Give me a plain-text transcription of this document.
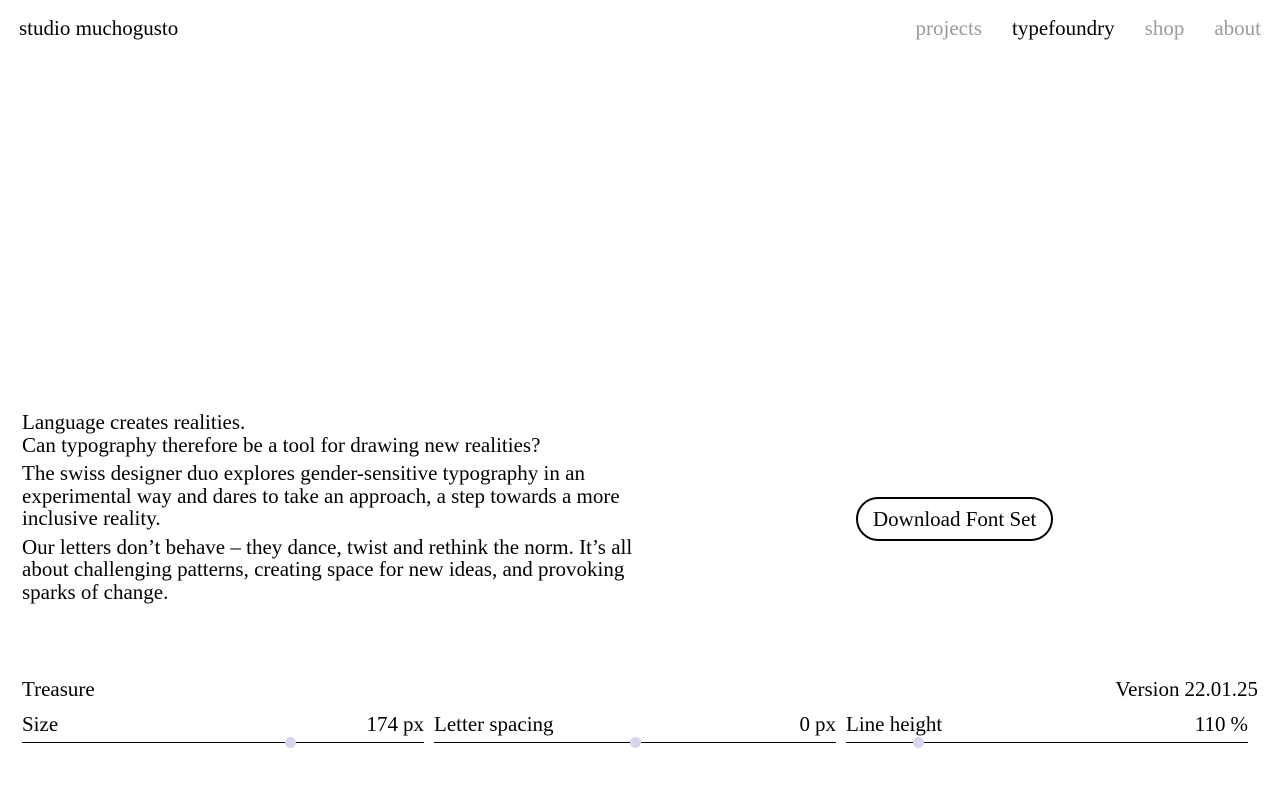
studio muchogusto	projects typefoundry shop about

Language creates realities.
Can typography therefore be a tool for drawing new realities?

The swiss designer duo explores gender-sensitive typography in an experimental way and dares to take an approach, a step towards a more inclusive reality.

Our letters don’t behave – they dance, twist and rethink the norm. It’s all about challenging patterns, creating space for new ideas, and provoking sparks of change.

Download Font Set
Treasure	Version 22.01.25
Size	174 px Letter spacing	0 px Line height	110 %
